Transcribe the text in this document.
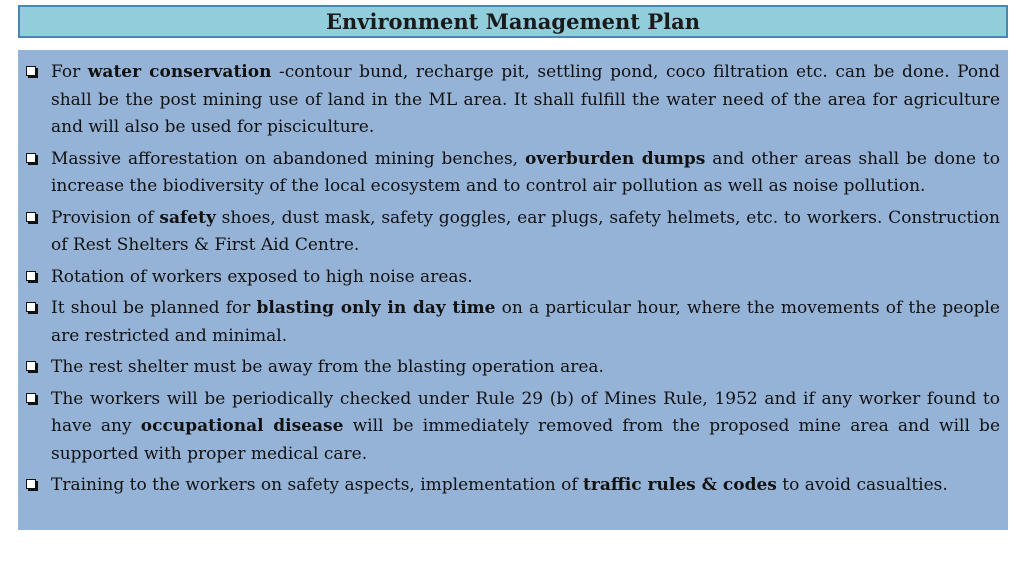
Environment Management Plan
For water conservation -contour bund, recharge pit, settling pond, coco filtration etc. can be done. Pond shall be the post mining use of land in the ML area. It shall fulfill the water need of the area for agriculture and will also be used for pisciculture.
Massive afforestation on abandoned mining benches, overburden dumps and other areas shall be done to increase the biodiversity of the local ecosystem and to control air pollution as well as noise pollution.
Provision of safety shoes, dust mask, safety goggles, ear plugs, safety helmets, etc. to workers. Construction of Rest Shelters & First Aid Centre.
Rotation of workers exposed to high noise areas.
It shoul be planned for blasting only in day time on a particular hour, where the movements of the people are restricted and minimal.
The rest shelter must be away from the blasting operation area.
The workers will be periodically checked under Rule 29 (b) of Mines Rule, 1952 and if any worker found to have any occupational disease will be immediately removed from the proposed mine area and will be supported with proper medical care.
Training to the workers on safety aspects, implementation of traffic rules & codes to avoid casualties.
